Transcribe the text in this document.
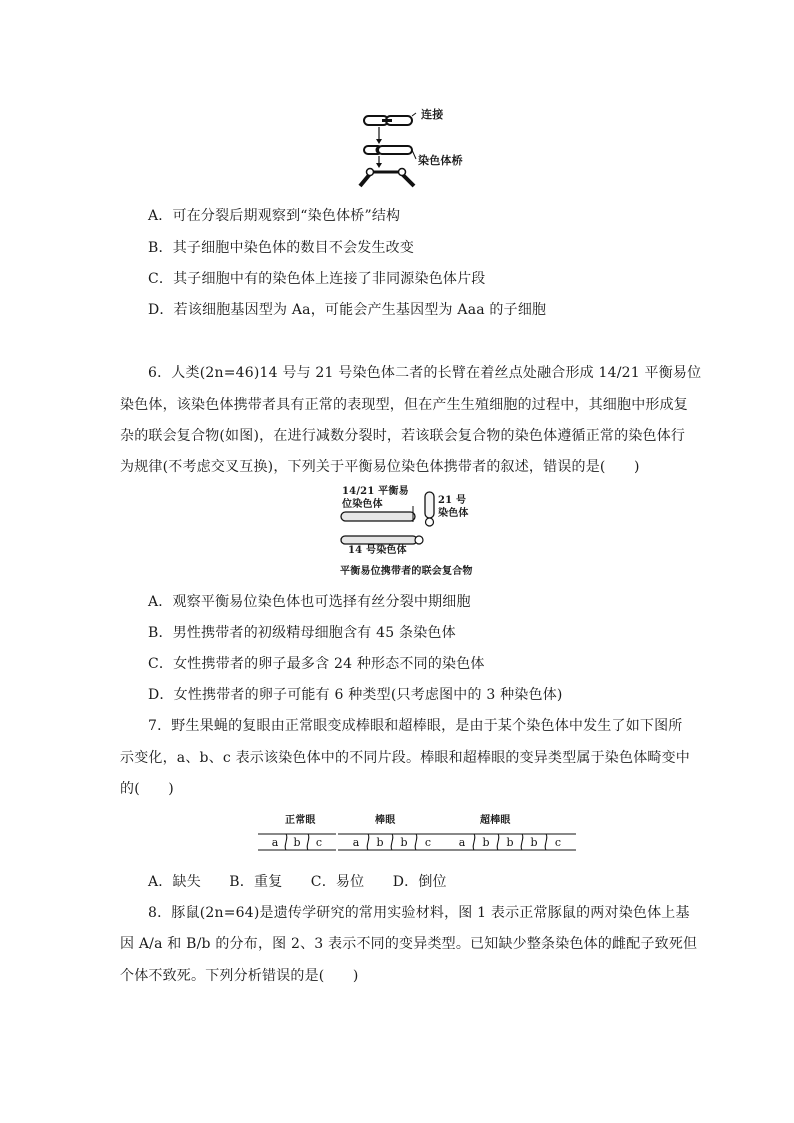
连接
染色体桥
A．可在分裂后期观察到“染色体桥”结构
B．其子细胞中染色体的数目不会发生改变
C．其子细胞中有的染色体上连接了非同源染色体片段
D．若该细胞基因型为 Aa，可能会产生基因型为 Aaa 的子细胞
6．人类(2n=46)14 号与 21 号染色体二者的长臂在着丝点处融合形成 14/21 平衡易位
染色体，该染色体携带者具有正常的表现型，但在产生生殖细胞的过程中，其细胞中形成复
杂的联会复合物(如图)，在进行减数分裂时，若该联会复合物的染色体遵循正常的染色体行
为规律(不考虑交叉互换)，下列关于平衡易位染色体携带者的叙述，错误的是(　　)
14/21 平衡易
位染色体	21 号
染色体
14 号染色体
平衡易位携带者的联会复合物
A．观察平衡易位染色体也可选择有丝分裂中期细胞
B．男性携带者的初级精母细胞含有 45 条染色体
C．女性携带者的卵子最多含 24 种形态不同的染色体
D．女性携带者的卵子可能有 6 种类型(只考虑图中的 3 种染色体)
7．野生果蝇的复眼由正常眼变成棒眼和超棒眼，是由于某个染色体中发生了如下图所
示变化，a、b、c 表示该染色体中的不同片段。棒眼和超棒眼的变异类型属于染色体畸变中
的(　　)
正常眼	棒眼	超棒眼
a b c	a b b c	a b b b c
A．缺失　　B．重复　　C．易位　　D．倒位
8．豚鼠(2n=64)是遗传学研究的常用实验材料，图 1 表示正常豚鼠的两对染色体上基
因 A/a 和 B/b 的分布，图 2、3 表示不同的变异类型。已知缺少整条染色体的雌配子致死但
个体不致死。下列分析错误的是(　　)
